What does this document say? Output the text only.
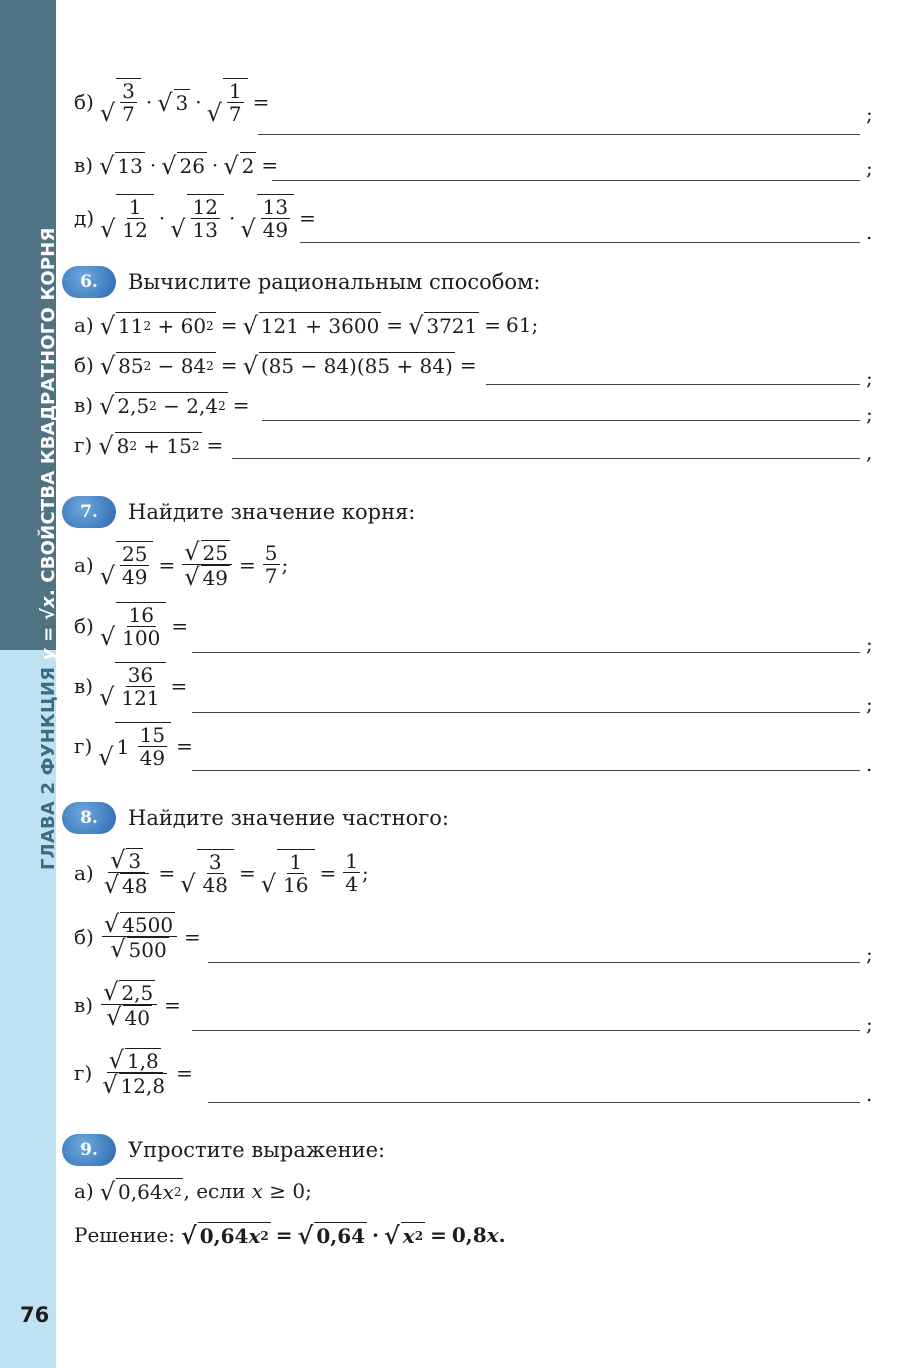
ГЛАВА 2 ФУНКЦИЯ y = √x. СВОЙСТВА КВАДРАТНОГО КОРНЯ
76
б) √ $\frac{3}{7}$ · √ 3 · √ $\frac{1}{7}$ =
;
в) √ 13 · √ 26 · √ 2 =	;
д) √ $\frac{1}{12}$ · √ $\frac{12}{13}$ · √ $\frac{13}{49}$ =
.
6.	Вычислите рациональным способом:
а) √ 11 2 + 60 2 = √ 121 + 3600 = √ 3721 = 61;
б) √ 85 2 − 84 2 = √ (85 − 84)(85 + 84) =
;
в) √ 2,5 2 − 2,4 2 =	;
г) √ 8 2 + 15 2 =	,
7.	Найдите значение корня:
а) √ $\frac{25}{49} = \frac{√ 25}{√ 49} = \frac{5}{7}$ ;
б) √ $\frac{16}{100}$ =
;
в) √ $\frac{36}{121}$ =
;
г) √ $1 \frac{15}{49}$ =
.
8.	Найдите значение частного:
$а) \frac{√ 3}{√ 48}$ = √ $\frac{3}{48}$ = √ $\frac{1}{16} = \frac{1}{4}$ ;
$б) \frac{√ 4500}{√ 500}$ =
;
$в) \frac{√ 2,5}{√ 40}$ =
;
$г) \frac{√ 1,8}{√ 12,8}$ =
.
9.	Упростите выражение:
а) √ 0,64 x 2 , если
x ≥ 0;
Решение: √ 0,64 x 2 = √ 0,64 · √ x 2 = 0,8 x .
